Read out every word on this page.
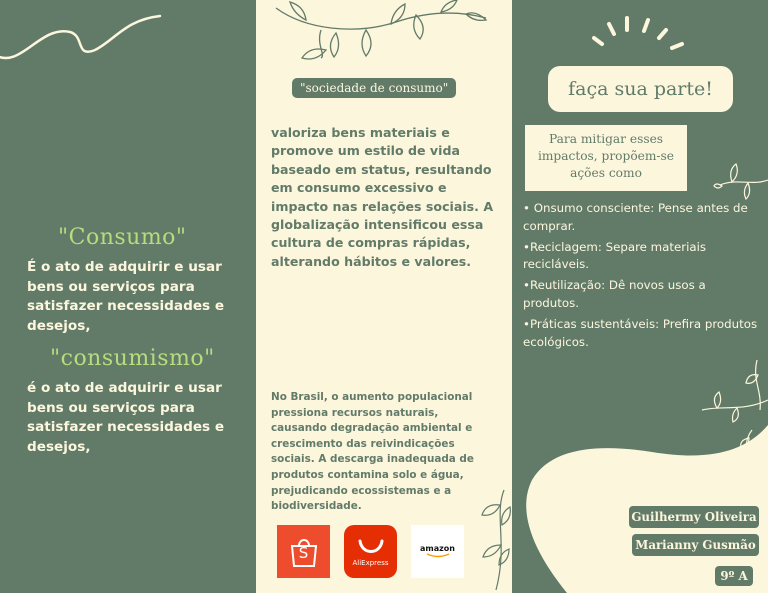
"Consumo"
É o ato de adquirir e usar bens ou serviços para satisfazer necessidades e desejos,
"consumismo"
é o ato de adquirir e usar bens ou serviços para satisfazer necessidades e desejos,
"sociedade de consumo"
valoriza bens materiais e promove um estilo de vida baseado em status, resultando em consumo excessivo e impacto nas relações sociais. A globalização intensificou essa cultura de compras rápidas, alterando hábitos e valores.
No Brasil, o aumento populacional pressiona recursos naturais, causando degradação ambiental e crescimento das reivindicações sociais. A descarga inadequada de produtos contamina solo e água, prejudicando ecossistemas e a biodiversidade.
S
AliExpress
amazon
faça sua parte!
Para mitigar esses impactos, propõem-se ações como
• Onsumo consciente: Pense antes de comprar.
•Reciclagem: Separe materiais recicláveis.
•Reutilização: Dê novos usos a produtos.
•Práticas sustentáveis: Prefira produtos ecológicos.
Guilhermy Oliveira
Marianny Gusmão
9º A
